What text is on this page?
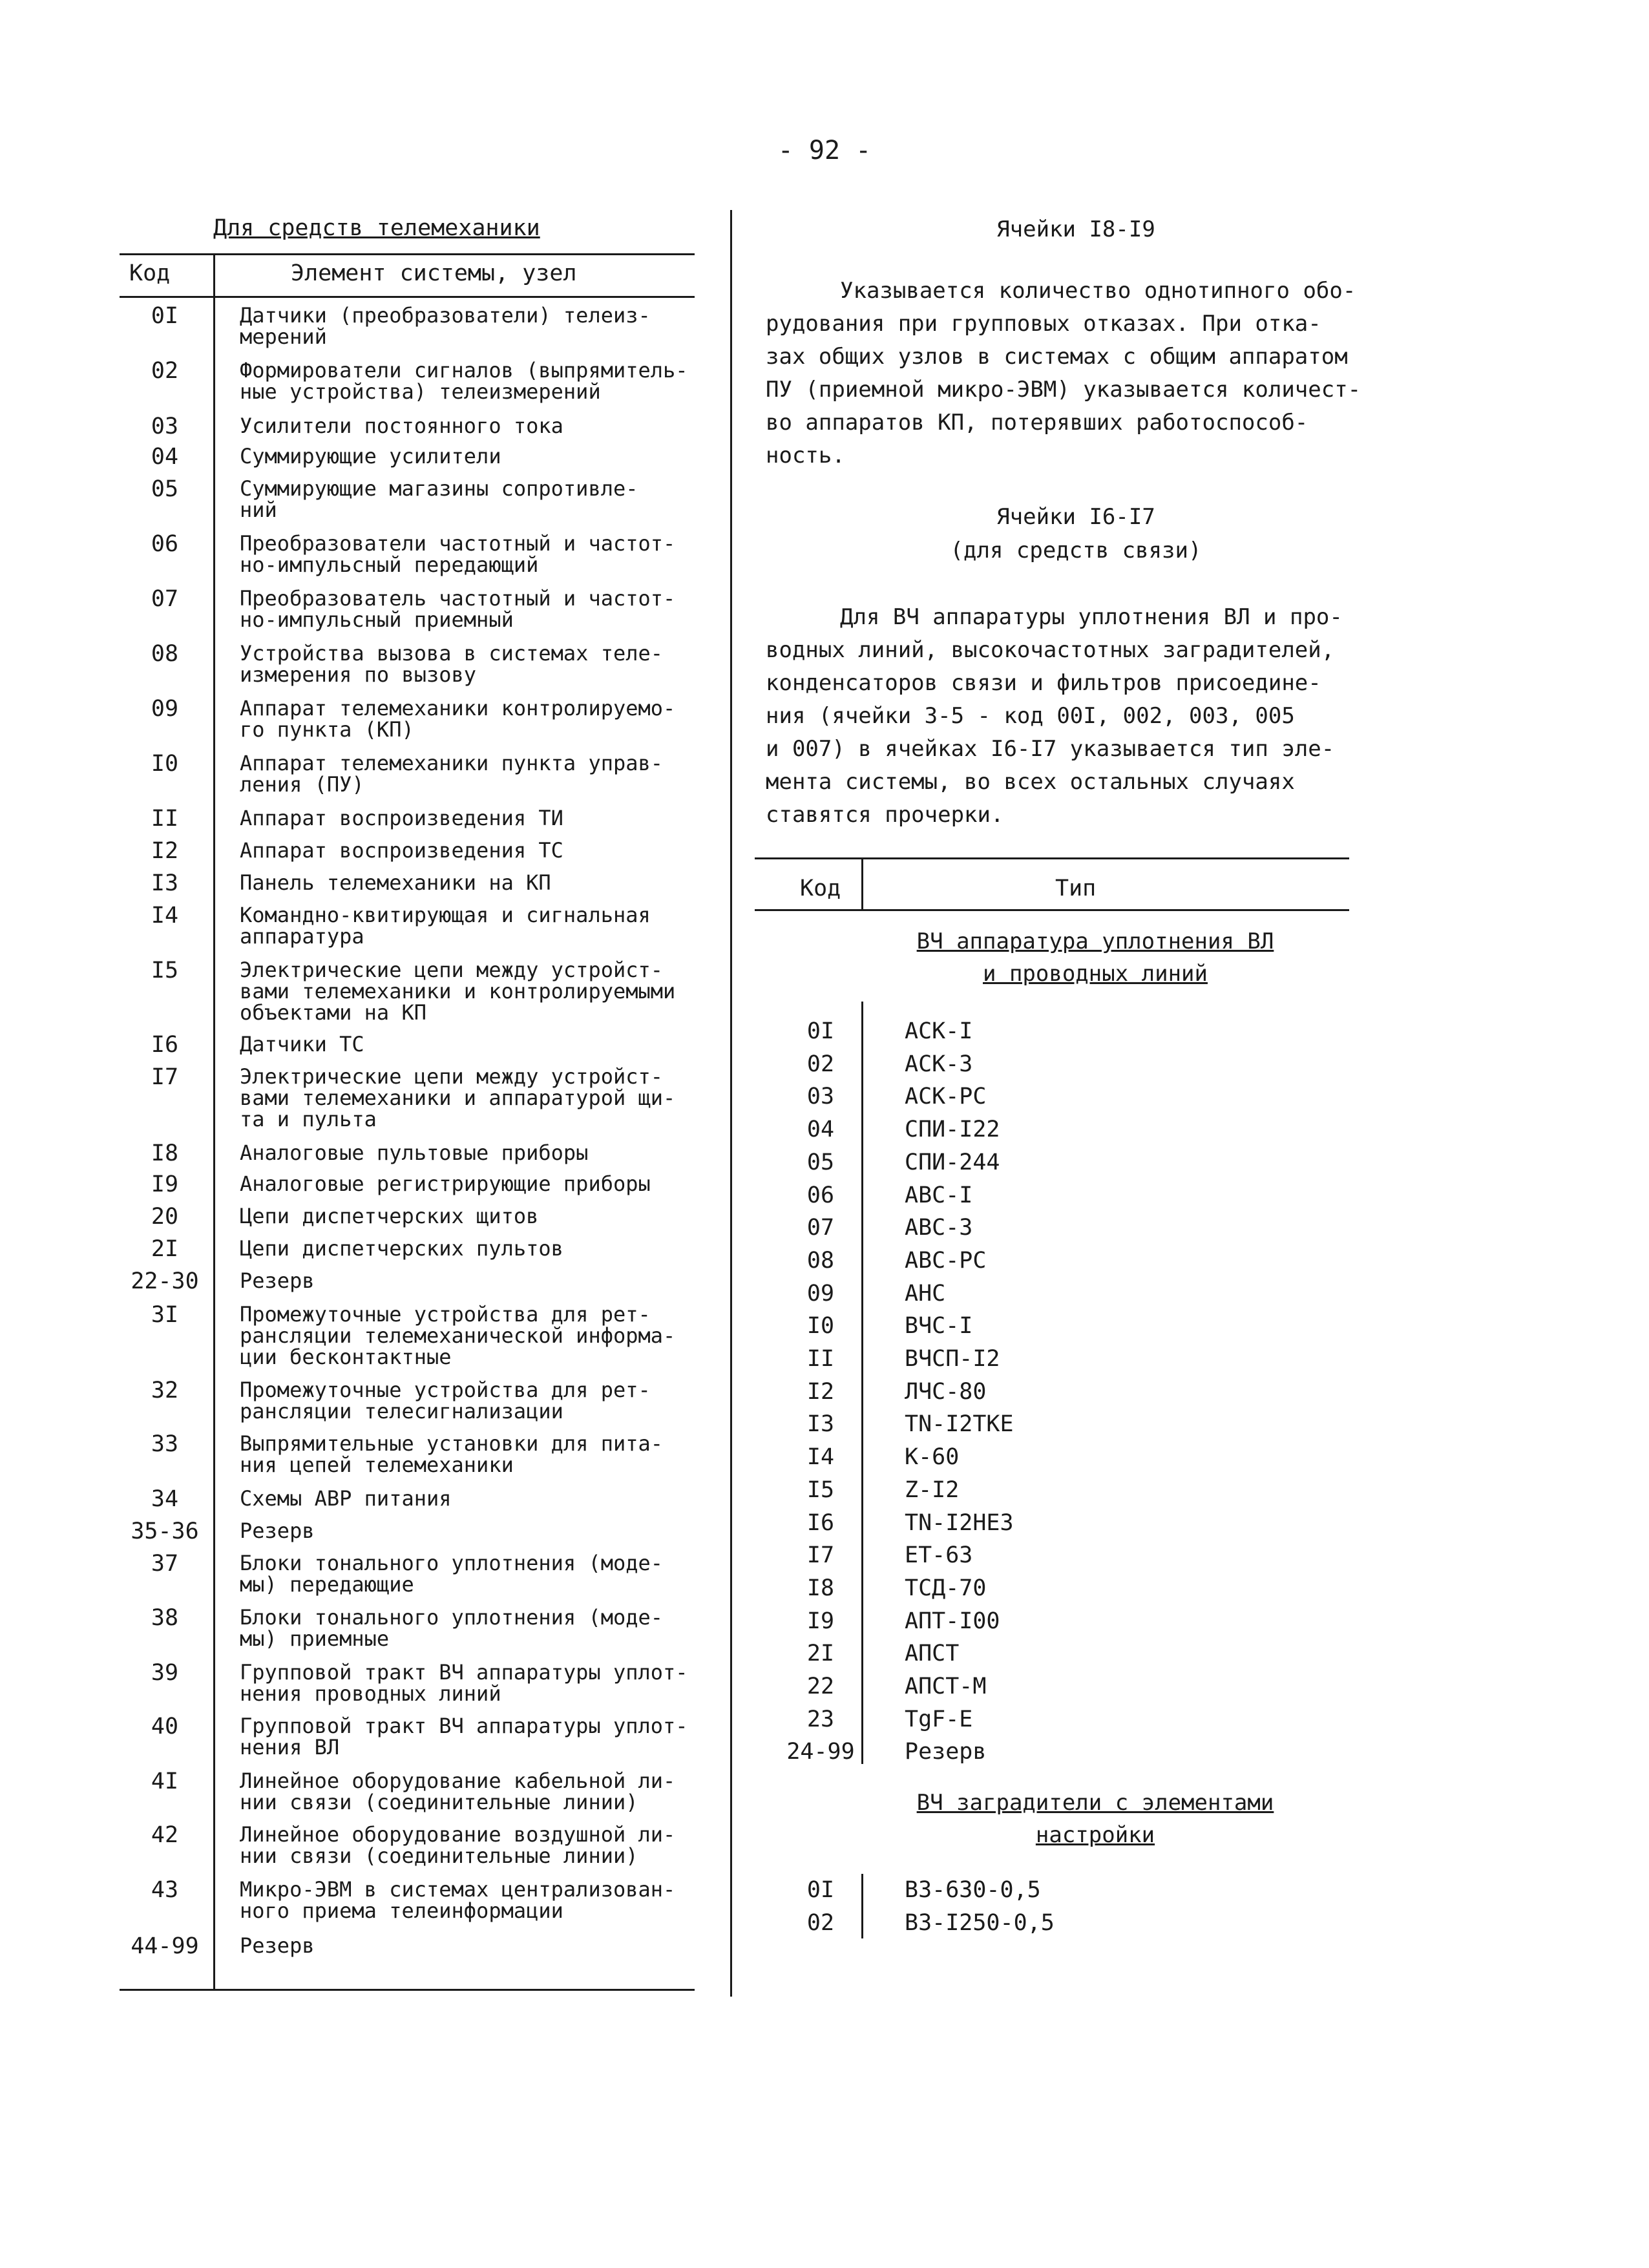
- 92 -
Для средств телемеханики
Код	Элемент системы, узел
0I	Датчики (преобразователи) телеиз-
мерений
02	Формирователи сигналов (выпрямитель-
ные устройства) телеизмерений
03	Усилители постоянного тока
04	Суммирующие усилители
05	Суммирующие магазины сопротивле-
ний
06	Преобразователи частотный и частот-
но-импульсный передающий
07	Преобразователь частотный и частот-
но-импульсный приемный
08	Устройства вызова в системах теле-
измерения по вызову
09	Аппарат телемеханики контролируемо-
го пункта (КП)
I0	Аппарат телемеханики пункта управ-
ления (ПУ)
II	Аппарат воспроизведения ТИ
I2	Аппарат воспроизведения ТС
I3	Панель телемеханики на КП
I4	Командно-квитирующая и сигнальная
аппаратура
I5	Электрические цепи между устройст-
вами телемеханики и контролируемыми
объектами на КП
I6	Датчики ТС
I7	Электрические цепи между устройст-
вами телемеханики и аппаратурой щи-
та и пульта
I8	Аналоговые пультовые приборы
I9	Аналоговые регистрирующие приборы
20	Цепи диспетчерских щитов
2I	Цепи диспетчерских пультов
22-30	Резерв
3I	Промежуточные устройства для рет-
рансляции телемеханической информа-
ции бесконтактные
32	Промежуточные устройства для рет-
рансляции телесигнализации
33	Выпрямительные установки для пита-
ния цепей телемеханики
34	Схемы АВР питания
35-36	Резерв
37	Блоки тонального уплотнения (моде-
мы) передающие
38	Блоки тонального уплотнения (моде-
мы) приемные
39	Групповой тракт ВЧ аппаратуры уплот-
нения проводных линий
40	Групповой тракт ВЧ аппаратуры уплот-
нения ВЛ
4I	Линейное оборудование кабельной ли-
нии связи (соединительные линии)
42	Линейное оборудование воздушной ли-
нии связи (соединительные линии)
43	Микро-ЭВМ в системах централизован-
ного приема телеинформации
44-99	Резерв
Ячейки I8-I9
Указывается количество однотипного обо-
рудования при групповых отказах. При отка-
зах общих узлов в системах с общим аппаратом
ПУ (приемной микро-ЭВМ) указывается количест-
во аппаратов КП, потерявших работоспособ-
ность.
Ячейки I6-I7
(для средств связи)
Для ВЧ аппаратуры уплотнения ВЛ и про-
водных линий, высокочастотных заградителей,
конденсаторов связи и фильтров присоедине-
ния (ячейки 3-5 - код 00I, 002, 003, 005
и 007) в ячейках I6-I7 указывается тип эле-
мента системы, во всех остальных случаях
ставятся прочерки.
Код	Тип
ВЧ аппаратура уплотнения ВЛ
и проводных линий
0I	АСК-I
02	АСК-3
03	АСК-РС
04	СПИ-I22
05	СПИ-244
06	АВС-I
07	АВС-3
08	АВС-РС
09	АНС
I0	ВЧС-I
II	ВЧСП-I2
I2	ЛЧС-80
I3	TN-I2TKE
I4	К-60
I5	Z-I2
I6	TN-I2HE3
I7	ET-63
I8	ТСД-70
I9	АПТ-I00
2I	АПСТ
22	АПСТ-М
23	TgF-E
24-99	Резерв
ВЧ заградители с элементами
настройки
0I	ВЗ-630-0,5
02	ВЗ-I250-0,5
